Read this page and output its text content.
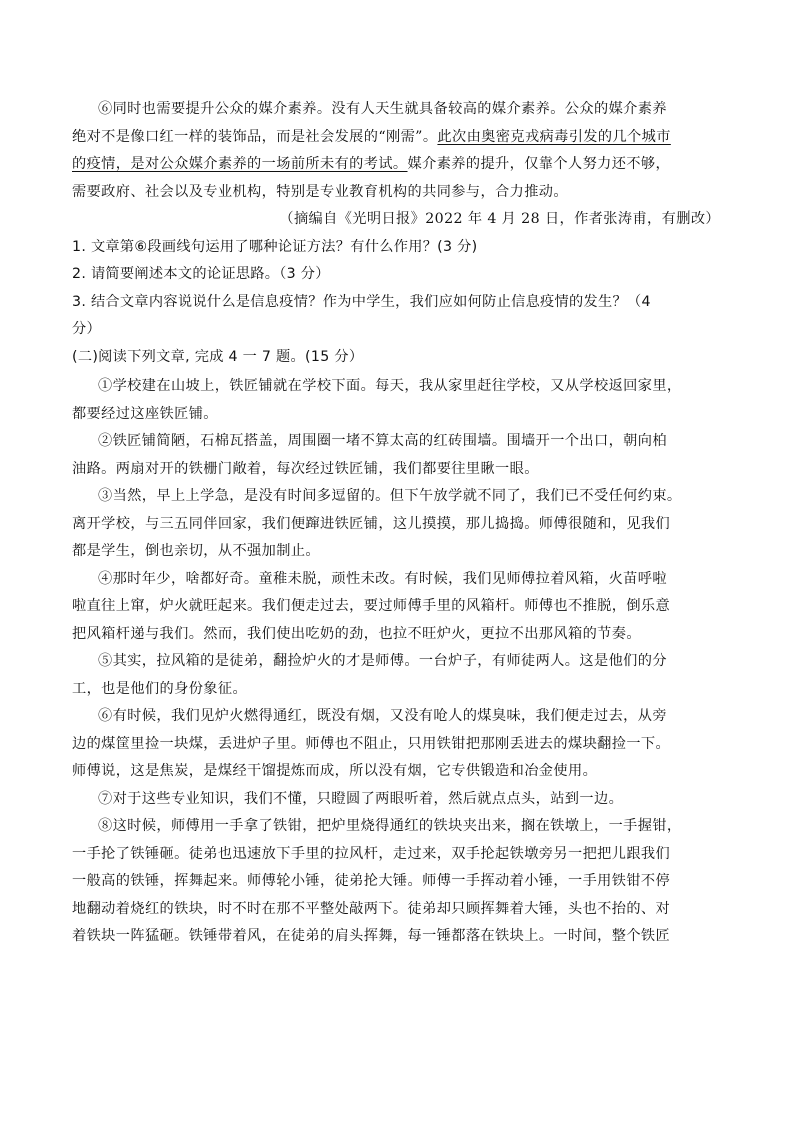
⑥同时也需要提升公众的媒介素养。没有人天生就具备较高的媒介素养。公众的媒介素养
绝对不是像口红一样的装饰品，而是社会发展的“刚需”。此次由奥密克戎病毒引发的几个城市
的疫情，是对公众媒介素养的一场前所未有的考试。媒介素养的提升，仅靠个人努力还不够，
需要政府、社会以及专业机构，特别是专业教育机构的共同参与，合力推动。
（摘编自《光明日报》2022 年 4 月 28 日，作者张涛甫，有删改）
1. 文章第⑥段画线句运用了哪种论证方法？有什么作用？(3 分)
2. 请简要阐述本文的论证思路。（3 分）
3. 结合文章内容说说什么是信息疫情？作为中学生，我们应如何防止信息疫情的发生？（4
分）
(二)阅读下列文章, 完成 4 一 7 题。(15 分）
①学校建在山坡上，铁匠铺就在学校下面。每天，我从家里赶往学校，又从学校返回家里，
都要经过这座铁匠铺。
②铁匠铺简陋，石棉瓦搭盖，周围圈一堵不算太高的红砖围墙。围墙开一个出口，朝向柏
油路。两扇对开的铁栅门敞着，每次经过铁匠铺，我们都要往里瞅一眼。
③当然，早上上学急，是没有时间多逗留的。但下午放学就不同了，我们已不受任何约束。
离开学校，与三五同伴回家，我们便蹿进铁匠铺，这儿摸摸，那儿捣捣。师傅很随和，见我们
都是学生，倒也亲切，从不强加制止。
④那时年少，啥都好奇。童稚未脱，顽性未改。有时候，我们见师傅拉着风箱，火苗呼啦
啦直往上窜，炉火就旺起来。我们便走过去，要过师傅手里的风箱杆。师傅也不推脱，倒乐意
把风箱杆递与我们。然而，我们使出吃奶的劲，也拉不旺炉火，更拉不出那风箱的节奏。
⑤其实，拉风箱的是徒弟，翻捡炉火的才是师傅。一台炉子，有师徒两人。这是他们的分
工，也是他们的身份象征。
⑥有时候，我们见炉火燃得通红，既没有烟，又没有呛人的煤臭味，我们便走过去，从旁
边的煤筐里捡一块煤，丢进炉子里。师傅也不阻止，只用铁钳把那刚丢进去的煤块翻捡一下。
师傅说，这是焦炭，是煤经干馏提炼而成，所以没有烟，它专供锻造和冶金使用。
⑦对于这些专业知识，我们不懂，只瞪圆了两眼听着，然后就点点头，站到一边。
⑧这时候，师傅用一手拿了铁钳，把炉里烧得通红的铁块夹出来，搁在铁墩上，一手握钳，
一手抡了铁锤砸。徒弟也迅速放下手里的拉风杆，走过来，双手抡起铁墩旁另一把把儿跟我们
一般高的铁锤，挥舞起来。师傅轮小锤，徒弟抡大锤。师傅一手挥动着小锤，一手用铁钳不停
地翻动着烧红的铁块，时不时在那不平整处敲两下。徒弟却只顾挥舞着大锤，头也不抬的、对
着铁块一阵猛砸。铁锤带着风，在徒弟的肩头挥舞，每一锤都落在铁块上。一时间，整个铁匠
